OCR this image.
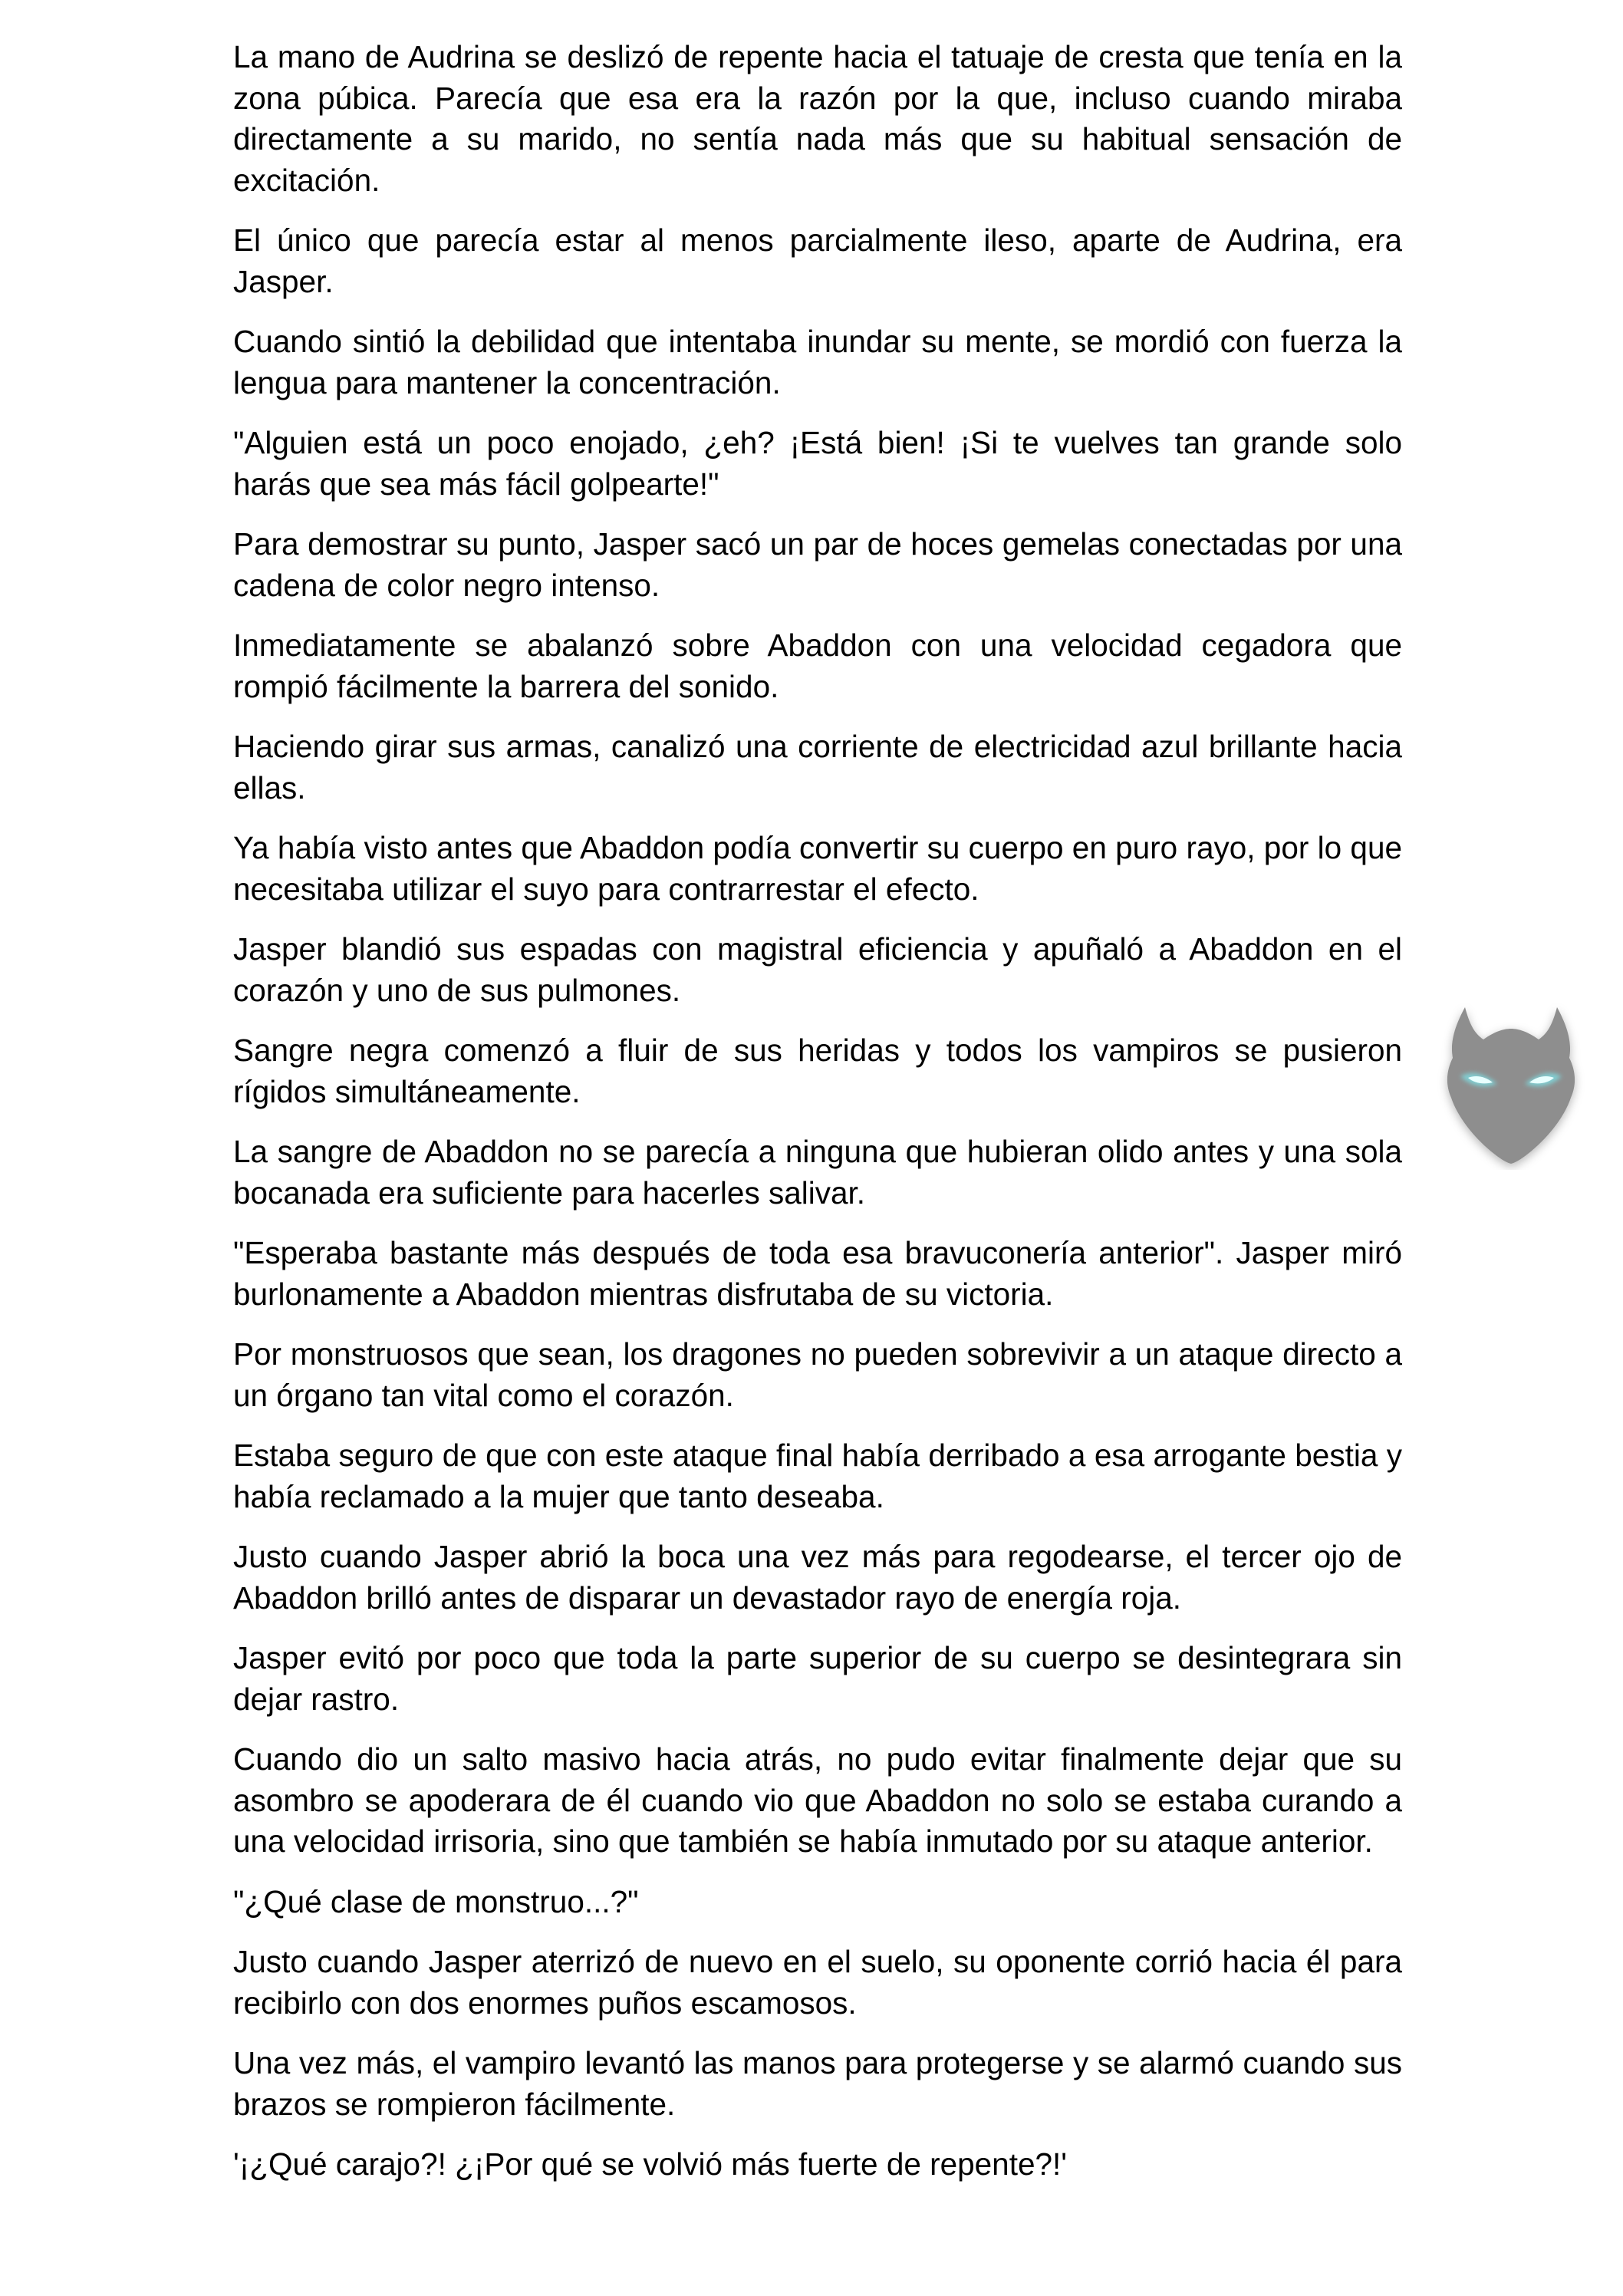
La mano de Audrina se deslizó de repente hacia el tatuaje de cresta que tenía en la zona púbica. Parecía que esa era la razón por la que, incluso cuando miraba directamente a su marido, no sentía nada más que su habitual sensación de excitación.

El único que parecía estar al menos parcialmente ileso, aparte de Audrina, era Jasper.

Cuando sintió la debilidad que intentaba inundar su mente, se mordió con fuerza la lengua para mantener la concentración.

"Alguien está un poco enojado, ¿eh? ¡Está bien! ¡Si te vuelves tan grande solo harás que sea más fácil golpearte!"

Para demostrar su punto, Jasper sacó un par de hoces gemelas conectadas por una cadena de color negro intenso.

Inmediatamente se abalanzó sobre Abaddon con una velocidad cegadora que rompió fácilmente la barrera del sonido.

Haciendo girar sus armas, canalizó una corriente de electricidad azul brillante hacia ellas.

Ya había visto antes que Abaddon podía convertir su cuerpo en puro rayo, por lo que necesitaba utilizar el suyo para contrarrestar el efecto.

Jasper blandió sus espadas con magistral eficiencia y apuñaló a Abaddon en el corazón y uno de sus pulmones.

Sangre negra comenzó a fluir de sus heridas y todos los vampiros se pusieron rígidos simultáneamente.

La sangre de Abaddon no se parecía a ninguna que hubieran olido antes y una sola bocanada era suficiente para hacerles salivar.

"Esperaba bastante más después de toda esa bravuconería anterior". Jasper miró burlonamente a Abaddon mientras disfrutaba de su victoria.

Por monstruosos que sean, los dragones no pueden sobrevivir a un ataque directo a un órgano tan vital como el corazón.

Estaba seguro de que con este ataque final había derribado a esa arrogante bestia y había reclamado a la mujer que tanto deseaba.

Justo cuando Jasper abrió la boca una vez más para regodearse, el tercer ojo de Abaddon brilló antes de disparar un devastador rayo de energía roja.

Jasper evitó por poco que toda la parte superior de su cuerpo se desintegrara sin dejar rastro.

Cuando dio un salto masivo hacia atrás, no pudo evitar finalmente dejar que su asombro se apoderara de él cuando vio que Abaddon no solo se estaba curando a una velocidad irrisoria, sino que también se había inmutado por su ataque anterior.

"¿Qué clase de monstruo...?"

Justo cuando Jasper aterrizó de nuevo en el suelo, su oponente corrió hacia él para recibirlo con dos enormes puños escamosos.

Una vez más, el vampiro levantó las manos para protegerse y se alarmó cuando sus brazos se rompieron fácilmente.

'¡¿Qué carajo?! ¿¡Por qué se volvió más fuerte de repente?!'
